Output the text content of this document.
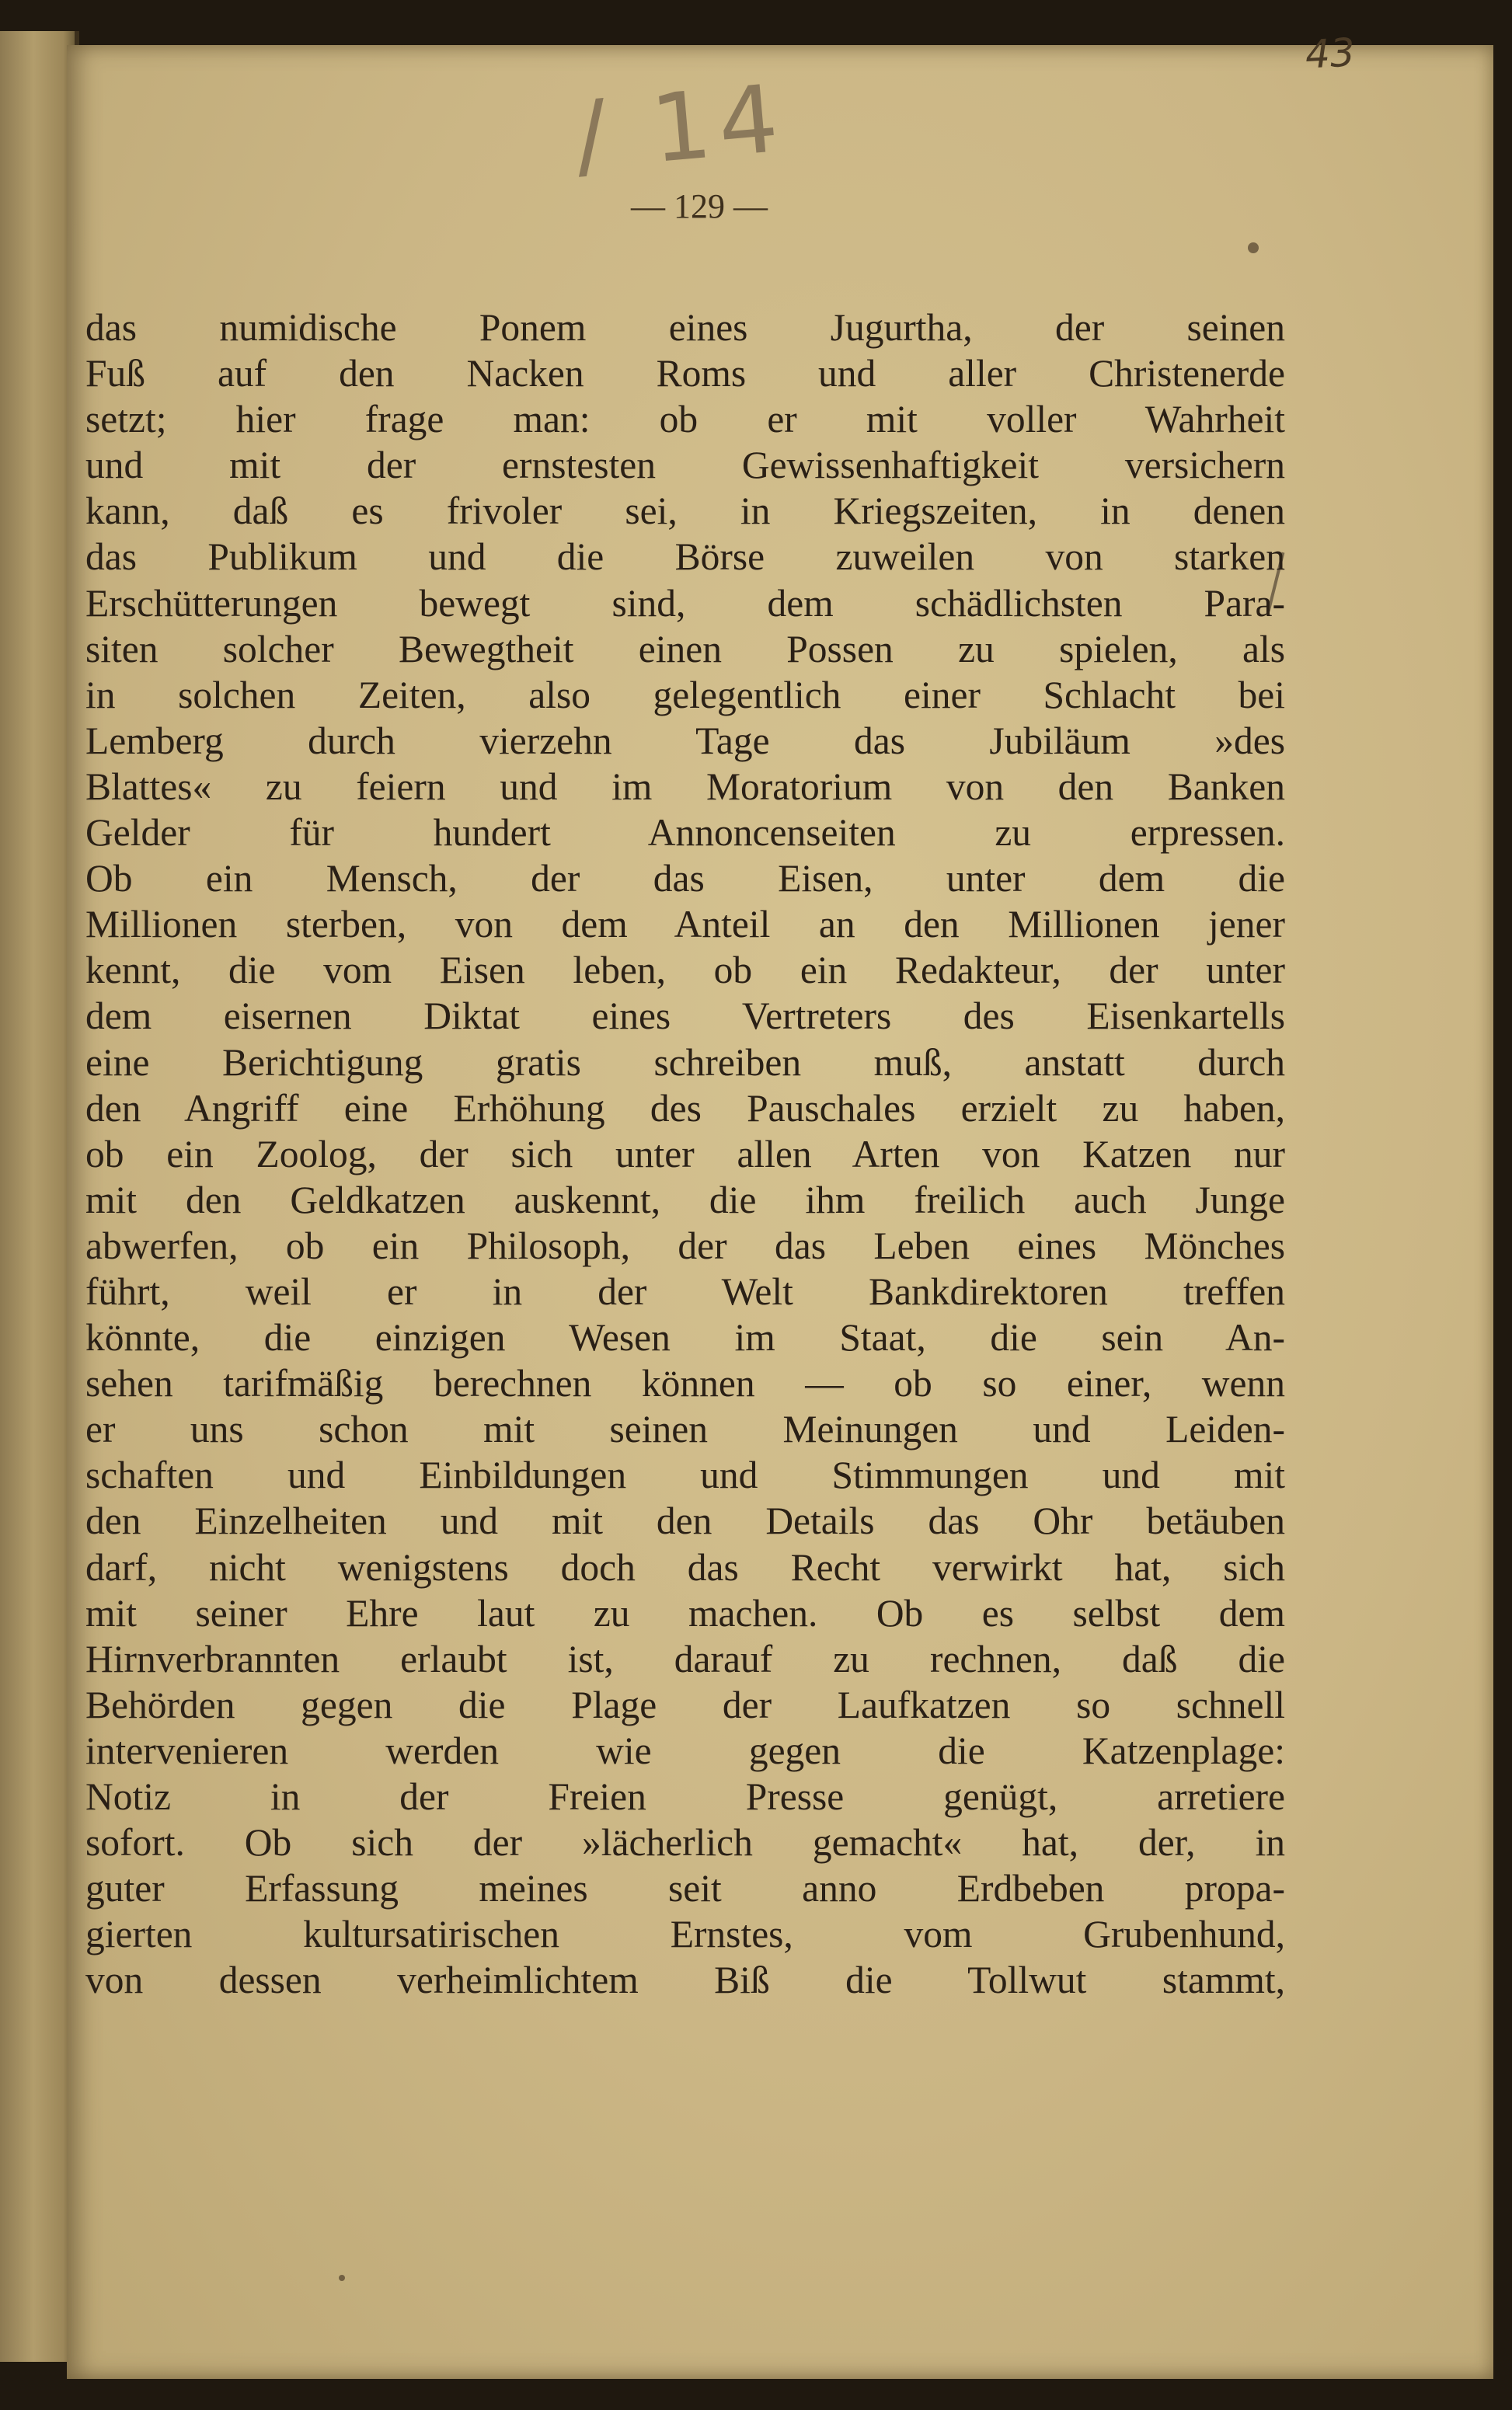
43
/ 14
— 129 —
das numidische Ponem eines Jugurtha, der seinen
Fuß auf den Nacken Roms und aller Christenerde
setzt; hier frage man: ob er mit voller Wahrheit
und mit der ernstesten Gewissenhaftigkeit versichern
kann, daß es frivoler sei, in Kriegszeiten, in denen
das Publikum und die Börse zuweilen von starken
Erschütterungen bewegt sind, dem schädlichsten Para-
siten solcher Bewegtheit einen Possen zu spielen, als
in solchen Zeiten, also gelegentlich einer Schlacht bei
Lemberg durch vierzehn Tage das Jubiläum »des
Blattes« zu feiern und im Moratorium von den Banken
Gelder für hundert Annoncenseiten zu erpressen.
Ob ein Mensch, der das Eisen, unter dem die
Millionen sterben, von dem Anteil an den Millionen jener
kennt, die vom Eisen leben, ob ein Redakteur, der unter
dem eisernen Diktat eines Vertreters des Eisenkartells
eine Berichtigung gratis schreiben muß, anstatt durch
den Angriff eine Erhöhung des Pauschales erzielt zu haben,
ob ein Zoolog, der sich unter allen Arten von Katzen nur
mit den Geldkatzen auskennt, die ihm freilich auch Junge
abwerfen, ob ein Philosoph, der das Leben eines Mönches
führt, weil er in der Welt Bankdirektoren treffen
könnte, die einzigen Wesen im Staat, die sein An-
sehen tarifmäßig berechnen können — ob so einer, wenn
er uns schon mit seinen Meinungen und Leiden-
schaften und Einbildungen und Stimmungen und mit
den Einzelheiten und mit den Details das Ohr betäuben
darf, nicht wenigstens doch das Recht verwirkt hat, sich
mit seiner Ehre laut zu machen. Ob es selbst dem
Hirnverbrannten erlaubt ist, darauf zu rechnen, daß die
Behörden gegen die Plage der Laufkatzen so schnell
intervenieren werden wie gegen die Katzenplage:
Notiz in der Freien Presse genügt, arretiere
sofort. Ob sich der »lächerlich gemacht« hat, der, in
guter Erfassung meines seit anno Erdbeben propa-
gierten kultursatirischen Ernstes, vom Grubenhund,
von dessen verheimlichtem Biß die Tollwut stammt,
